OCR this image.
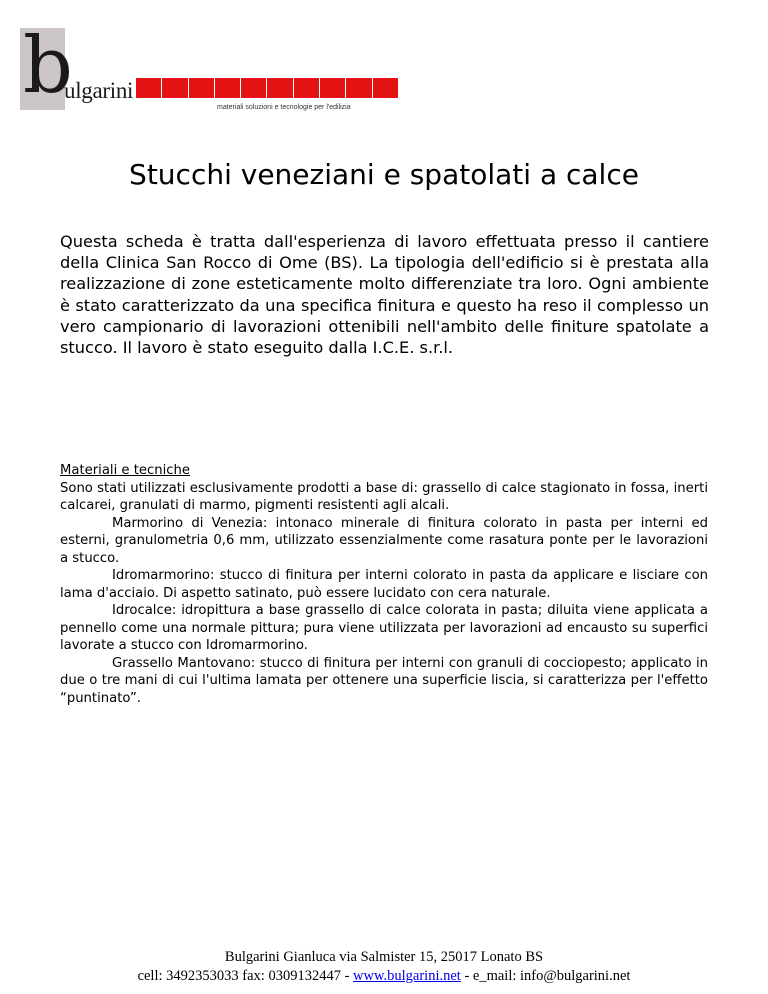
b
ulgarini
materiali soluzioni e tecnologie per l'edilizia
Stucchi veneziani e spatolati a calce

Questa scheda è tratta dall'esperienza di lavoro effettuata presso il cantiere della Clinica San Rocco di Ome (BS). La tipologia dell'edificio si è prestata alla realizzazione di zone esteticamente molto differenziate tra loro. Ogni ambiente è stato caratterizzato da una specifica finitura e questo ha reso il complesso un vero campionario di lavorazioni ottenibili nell'ambito delle finiture spatolate a stucco. Il lavoro è stato eseguito dalla I.C.E. s.r.l.

Materiali e tecniche

Sono stati utilizzati esclusivamente prodotti a base di: grassello di calce stagionato in fossa, inerti calcarei, granulati di marmo, pigmenti resistenti agli alcali.

Marmorino di Venezia: intonaco minerale di finitura colorato in pasta per interni ed esterni, granulometria 0,6 mm, utilizzato essenzialmente come rasatura ponte per le lavorazioni a stucco.

Idromarmorino: stucco di finitura per interni colorato in pasta da applicare e lisciare con lama d'acciaio. Di aspetto satinato, può essere lucidato con cera naturale.

Idrocalce: idropittura a base grassello di calce colorata in pasta; diluita viene applicata a pennello come una normale pittura; pura viene utilizzata per lavorazioni ad encausto su superfici lavorate a stucco con Idromarmorino.

Grassello Mantovano: stucco di finitura per interni con granuli di cocciopesto; applicato in due o tre mani di cui l'ultima lamata per ottenere una superficie liscia, si caratterizza per l'effetto “puntinato”.

Bulgarini Gianluca via Salmister 15, 25017 Lonato BS
cell: 3492353033 fax: 0309132447 - www.bulgarini.net - e_mail: info@bulgarini.net
